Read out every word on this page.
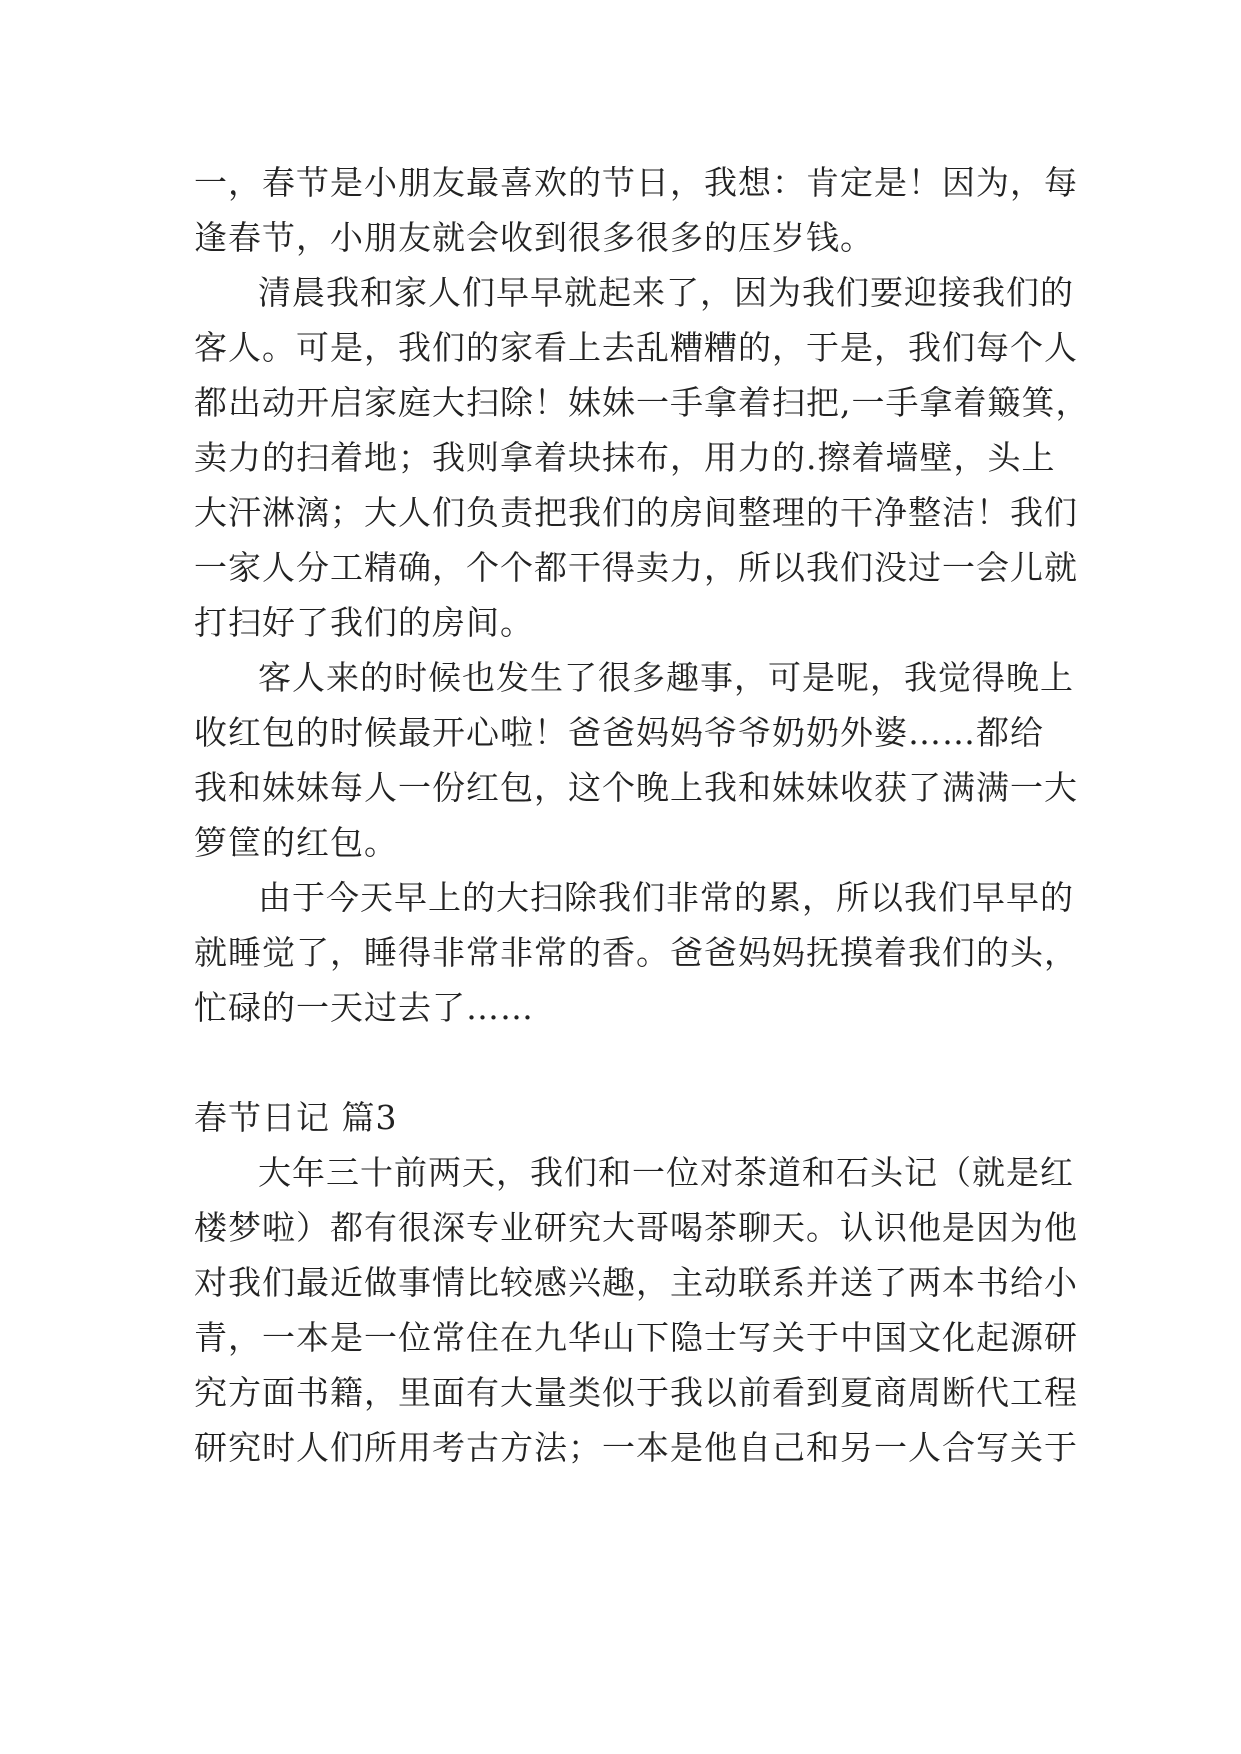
一，春节是小朋友最喜欢的节日，我想：肯定是！因为，每
逢春节，小朋友就会收到很多很多的压岁钱。
清晨我和家人们早早就起来了，因为我们要迎接我们的
客人。可是，我们的家看上去乱糟糟的，于是，我们每个人
都出动开启家庭大扫除！妹妹一手拿着扫把,一手拿着簸箕，
卖力的扫着地；我则拿着块抹布，用力的.擦着墙壁，头上
大汗淋漓；大人们负责把我们的房间整理的干净整洁！我们
一家人分工精确，个个都干得卖力，所以我们没过一会儿就
打扫好了我们的房间。
客人来的时候也发生了很多趣事，可是呢，我觉得晚上
收红包的时候最开心啦！爸爸妈妈爷爷奶奶外婆……都给
我和妹妹每人一份红包，这个晚上我和妹妹收获了满满一大
箩筐的红包。
由于今天早上的大扫除我们非常的累，所以我们早早的
就睡觉了，睡得非常非常的香。爸爸妈妈抚摸着我们的头，
忙碌的一天过去了……
春节日记 篇3
大年三十前两天，我们和一位对茶道和石头记（就是红
楼梦啦）都有很深专业研究大哥喝茶聊天。认识他是因为他
对我们最近做事情比较感兴趣，主动联系并送了两本书给小
青，一本是一位常住在九华山下隐士写关于中国文化起源研
究方面书籍，里面有大量类似于我以前看到夏商周断代工程
研究时人们所用考古方法；一本是他自己和另一人合写关于
